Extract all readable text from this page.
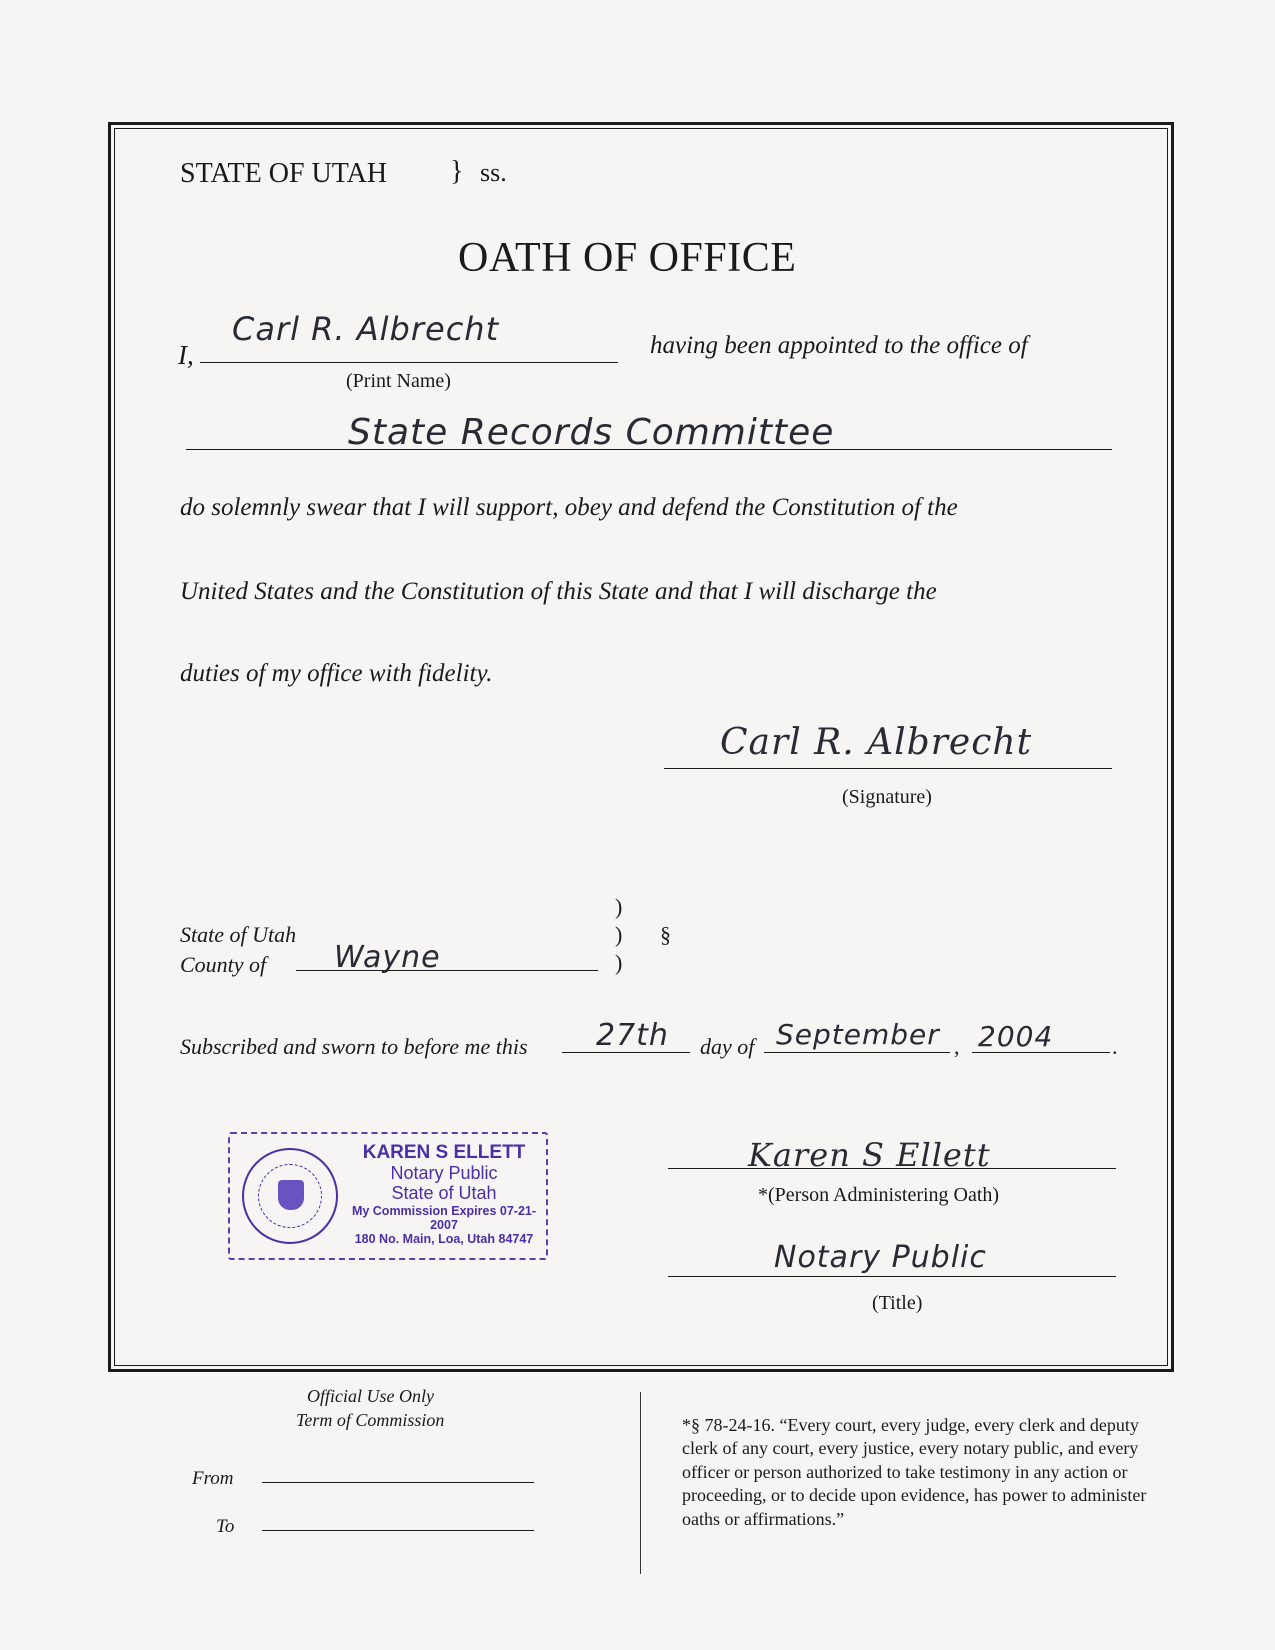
STATE OF UTAH } ss.
OATH OF OFFICE
I,
Carl R. Albrecht
(Print Name)
having been appointed to the office of
State Records Committee
do solemnly swear that I will support, obey and defend the Constitution of the
United States and the Constitution of this State and that I will discharge the
duties of my office with fidelity.
Carl R. Albrecht
(Signature)
)
)
)
§
State of Utah
County of Wayne
Subscribed and sworn to before me this 27th day of September , 2004	.
KAREN S ELLETT
Notary Public
State of Utah
My Commission Expires 07-21-2007
180 No. Main, Loa, Utah 84747
Karen S Ellett
*(Person Administering Oath)
Notary Public
(Title)
Official Use Only
Term of Commission
From
To
*§ 78-24-16. “Every court, every judge, every clerk and deputy clerk of any court, every justice, every notary public, and every officer or person authorized to take testimony in any action or proceeding, or to decide upon evidence, has power to administer oaths or affirmations.”
